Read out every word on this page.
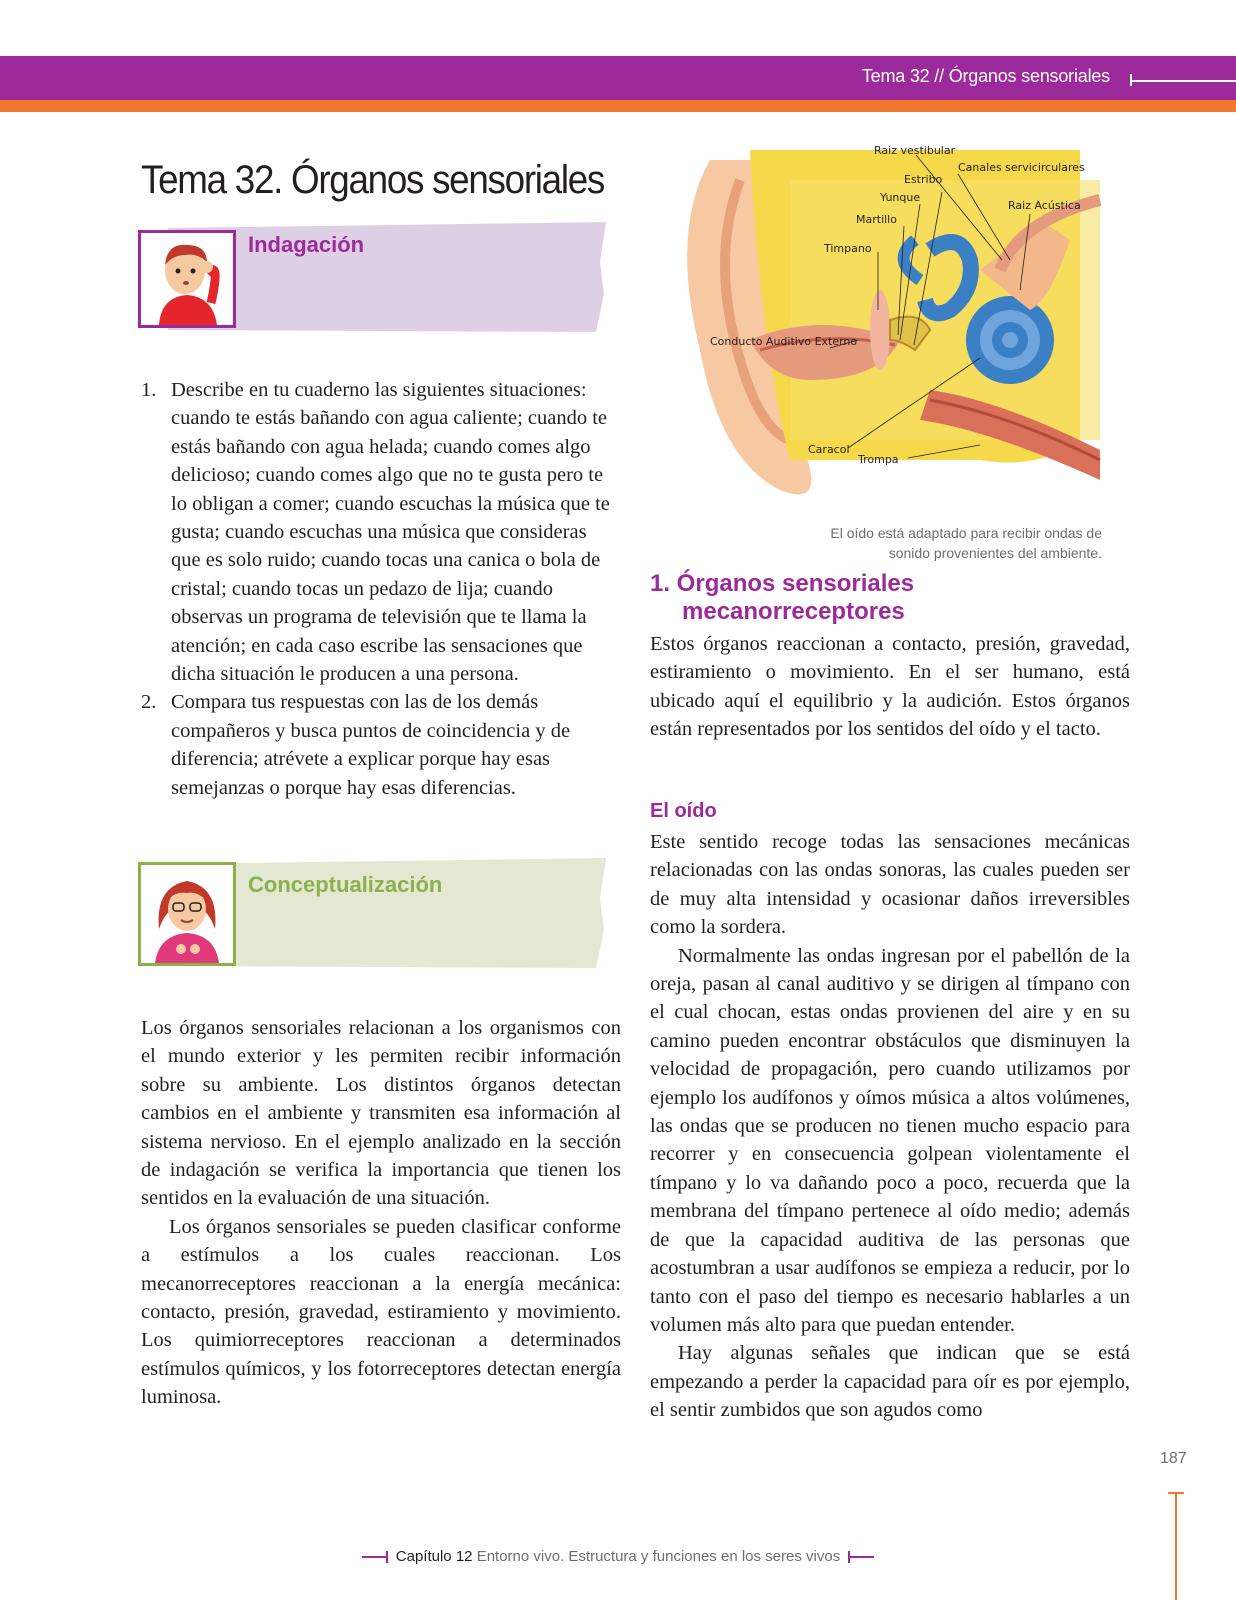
Tema 32 // Órganos sensoriales
Tema 32. Órganos sensoriales
Indagación
1. Describe en tu cuaderno las siguientes situaciones: cuando te estás bañando con agua caliente; cuando te estás bañando con agua helada; cuando comes algo delicioso; cuando comes algo que no te gusta pero te lo obligan a comer; cuando escuchas la música que te gusta; cuando escuchas una música que consideras que es solo ruido; cuando tocas una canica o bola de cristal; cuando tocas un pedazo de lija; cuando observas un programa de televisión que te llama la atención; en cada caso escribe las sensaciones que dicha situación le producen a una persona.
2. Compara tus respuestas con las de los demás compañeros y busca puntos de coincidencia y de diferencia; atrévete a explicar porque hay esas semejanzas o porque hay esas diferencias.
Conceptualización

Los órganos sensoriales relacionan a los organismos con el mundo exterior y les permiten recibir información sobre su ambiente. Los distintos órganos detectan cambios en el ambiente y transmiten esa información al sistema nervioso. En el ejemplo analizado en la sección de indagación se verifica la importancia que tienen los sentidos en la evaluación de una situación.

Los órganos sensoriales se pueden clasificar conforme a estímulos a los cuales reaccionan. Los mecanorreceptores reaccionan a la energía mecánica: contacto, presión, gravedad, estiramiento y movimiento. Los quimiorreceptores reaccionan a determinados estímulos químicos, y los fotorreceptores detectan energía luminosa.

Raiz vestibular
Canales servicirculares
Estribo
Yunque
Raiz Acústica
Martillo
Timpano
Conducto Auditivo Externo
Caracol
Trompa
El oído está adaptado para recibir ondas de
sonido provenientes del ambiente.
1. Órganos sensoriales
mecanorreceptores

Estos órganos reaccionan a contacto, presión, gravedad, estiramiento o movimiento. En el ser humano, está ubicado aquí el equilibrio y la audición. Estos órganos están representados por los sentidos del oído y el tacto.

El oído

Este sentido recoge todas las sensaciones mecánicas relacionadas con las ondas sonoras, las cuales pueden ser de muy alta intensidad y ocasionar daños irreversibles como la sordera.

Normalmente las ondas ingresan por el pabellón de la oreja, pasan al canal auditivo y se dirigen al tímpano con el cual chocan, estas ondas provienen del aire y en su camino pueden encontrar obstáculos que disminuyen la velocidad de propagación, pero cuando utilizamos por ejemplo los audífonos y oímos música a altos volúmenes, las ondas que se producen no tienen mucho espacio para recorrer y en consecuencia golpean violentamente el tímpano y lo va dañando poco a poco, recuerda que la membrana del tímpano pertenece al oído medio; además de que la capacidad auditiva de las personas que acostumbran a usar audífonos se empieza a reducir, por lo tanto con el paso del tiempo es necesario hablarles a un volumen más alto para que puedan entender.

Hay algunas señales que indican que se está empezando a perder la capacidad para oír es por ejemplo, el sentir zumbidos que son agudos como

187
Capítulo 12 Entorno vivo. Estructura y funciones en los seres vivos
